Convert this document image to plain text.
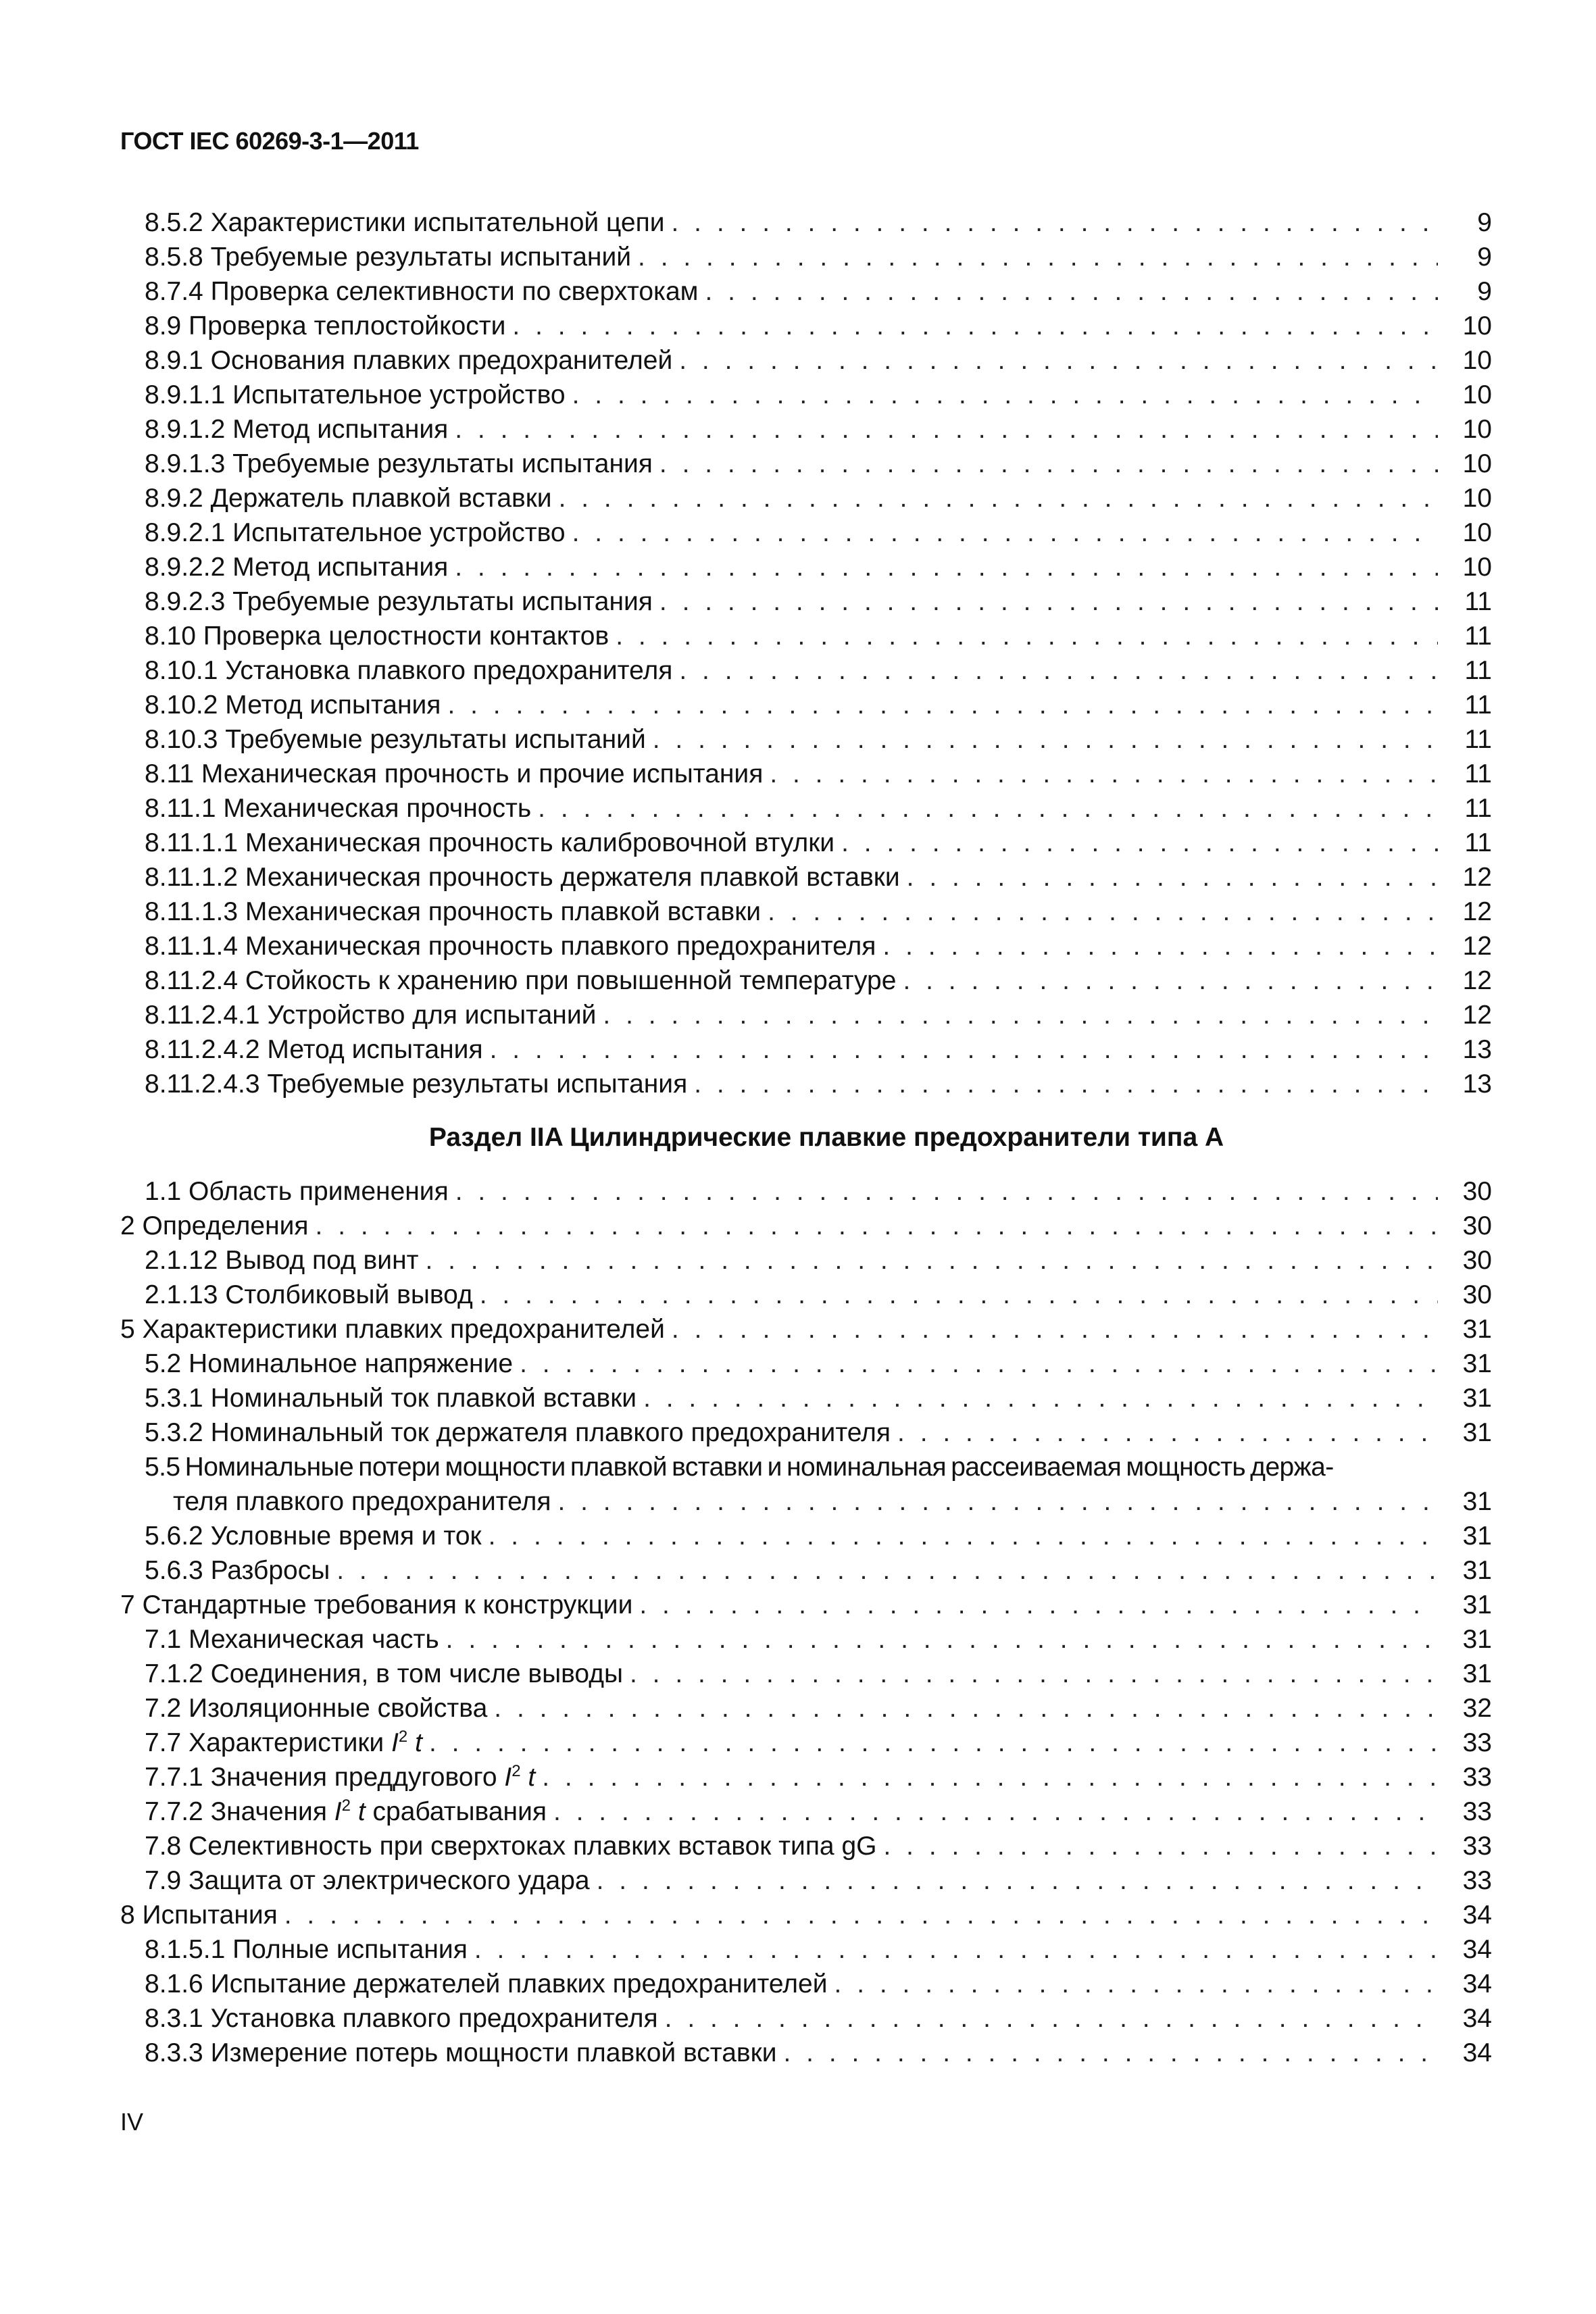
ГОСТ IEC 60269-3-1—2011
8.5.2 Характеристики испытательной цепи . . .	9
8.5.8 Требуемые результаты испытаний . . .	9
8.7.4 Проверка селективности по сверхтокам . . .	9
8.9 Проверка теплостойкости . . .	10
8.9.1 Основания плавких предохранителей . . .	10
8.9.1.1 Испытательное устройство . . .	10
8.9.1.2 Метод испытания . . .	10
8.9.1.3 Требуемые результаты испытания . . .	10
8.9.2 Держатель плавкой вставки . . .	10
8.9.2.1 Испытательное устройство . . .	10
8.9.2.2 Метод испытания . . .	10
8.9.2.3 Требуемые результаты испытания . . .	11
8.10 Проверка целостности контактов . . .	11
8.10.1 Установка плавкого предохранителя . . .	11
8.10.2 Метод испытания . . .	11
8.10.3 Требуемые результаты испытаний . . .	11
8.11 Механическая прочность и прочие испытания . . .	11
8.11.1 Механическая прочность . . .	11
8.11.1.1 Механическая прочность калибровочной втулки . . .	11
8.11.1.2 Механическая прочность держателя плавкой вставки . . .	12
8.11.1.3 Механическая прочность плавкой вставки . . .	12
8.11.1.4 Механическая прочность плавкого предохранителя . . .	12
8.11.2.4 Стойкость к хранению при повышенной температуре . . .	12
8.11.2.4.1 Устройство для испытаний . . .	12
8.11.2.4.2 Метод испытания . . .	13
8.11.2.4.3 Требуемые результаты испытания . . .	13
Раздел IIA Цилиндрические плавкие предохранители типа А
1.1 Область применения . . .	30
2 Определения . . .	30
2.1.12 Вывод под винт . . .	30
2.1.13 Столбиковый вывод . . .	30
5 Характеристики плавких предохранителей . . .	31
5.2 Номинальное напряжение . . .	31
5.3.1 Номинальный ток плавкой вставки . . .	31
5.3.2 Номинальный ток держателя плавкого предохранителя . . .	31
5.5 Номинальные потери мощности плавкой вставки и номинальная рассеиваемая мощность держа-
теля плавкого предохранителя . . .	31
5.6.2 Условные время и ток . . .	31
5.6.3 Разбросы . . .	31
7 Стандартные требования к конструкции . . .	31
7.1 Механическая часть . . .	31
7.1.2 Соединения, в том числе выводы . . .	31
7.2 Изоляционные свойства . . .	32
7.7 Характеристики $I^2$ t . . .	33
7.7.1 Значения преддугового $I^2$ t . . .	33
7.7.2 Значения $I^2$ t срабатывания . . .	33
7.8 Селективность при сверхтоках плавких вставок типа gG . . .	33
7.9 Защита от электрического удара . . .	33
8 Испытания . . .	34
8.1.5.1 Полные испытания . . .	34
8.1.6 Испытание держателей плавких предохранителей . . .	34
8.3.1 Установка плавкого предохранителя . . .	34
8.3.3 Измерение потерь мощности плавкой вставки . . .	34
IV
